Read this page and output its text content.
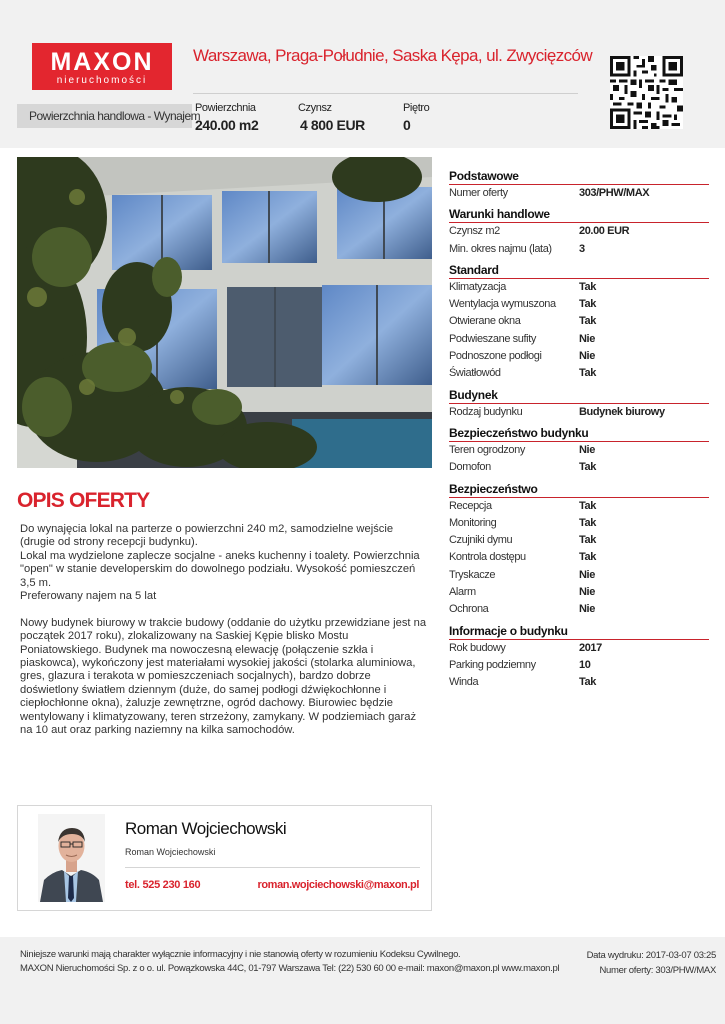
MAXON
nieruchomości
Warszawa, Praga-Południe, Saska Kępa, ul. Zwycięzców
Powierzchnia handlowa - Wynajem
Powierzchnia
240.00 m2
Czynsz
4 800 EUR
Piętro
0
OPIS OFERTY
Do wynajęcia lokal na parterze o powierzchni 240 m2, samodzielne wejście (drugie od strony recepcji budynku).
Lokal ma wydzielone zaplecze socjalne - aneks kuchenny i toalety. Powierzchnia "open" w stanie developerskim do dowolnego podziału. Wysokość pomieszczeń 3,5 m.
Preferowany najem na 5 lat

Nowy budynek biurowy w trakcie budowy (oddanie do użytku przewidziane jest na początek 2017 roku), zlokalizowany na Saskiej Kępie blisko Mostu Poniatowskiego. Budynek ma nowoczesną elewację (połączenie szkła i piaskowca), wykończony jest materiałami wysokiej jakości (stolarka aluminiowa, gres, glazura i terakota w pomieszczeniach socjalnych), bardzo dobrze doświetlony światłem dziennym (duże, do samej podłogi dźwiękochłonne i ciepłochłonne okna), żaluzje zewnętrzne, ogród dachowy. Biurowiec będzie wentylowany i klimatyzowany, teren strzeżony, zamykany. W podziemiach garaż na 10 aut oraz parking naziemny na kilka samochodów.
Podstawowe
Numer oferty	303/PHW/MAX
Warunki handlowe
Czynsz m2	20.00 EUR
Min. okres najmu (lata)	3
Standard
Klimatyzacja	Tak
Wentylacja wymuszona	Tak
Otwierane okna	Tak
Podwieszane sufity	Nie
Podnoszone podłogi	Nie
Światłowód	Tak
Budynek
Rodzaj budynku	Budynek biurowy
Bezpieczeństwo budynku
Teren ogrodzony	Nie
Domofon	Tak
Bezpieczeństwo
Recepcja	Tak
Monitoring	Tak
Czujniki dymu	Tak
Kontrola dostępu	Tak
Tryskacze	Nie
Alarm	Nie
Ochrona	Nie
Informacje o budynku
Rok budowy	2017
Parking podziemny	10
Winda	Tak
Roman Wojciechowski
Roman Wojciechowski
tel. 525 230 160	roman.wojciechowski@maxon.pl
Niniejsze warunki mają charakter wyłącznie informacyjny i nie stanowią oferty w rozumieniu Kodeksu Cywilnego.
MAXON Nieruchomości Sp. z o o. ul. Powązkowska 44C, 01-797 Warszawa Tel: (22) 530 60 00 e-mail: maxon@maxon.pl www.maxon.pl
Data wydruku: 2017-03-07 03:25
Numer oferty: 303/PHW/MAX
